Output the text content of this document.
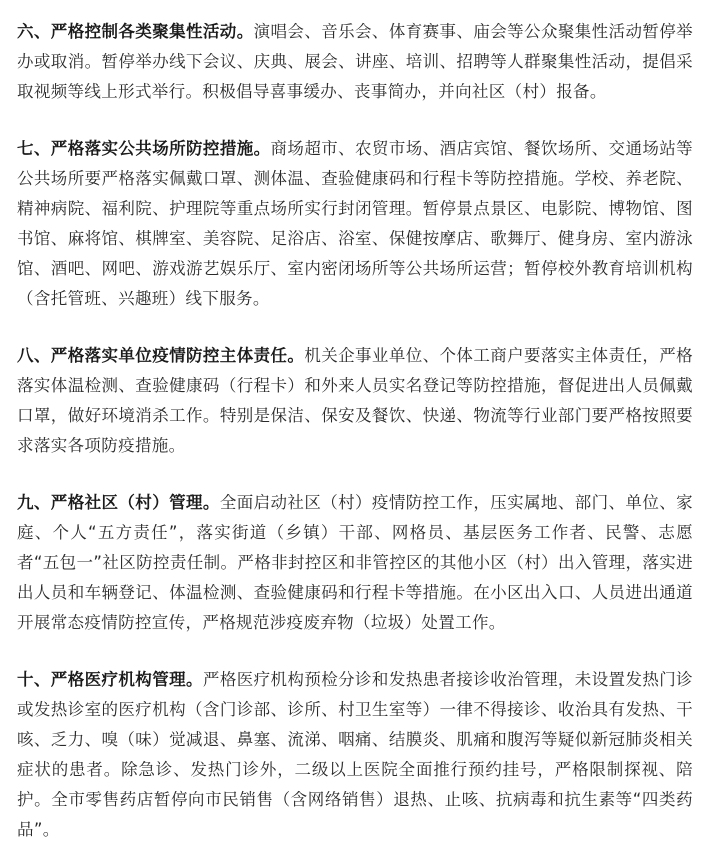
六、严格控制各类聚集性活动。演唱会、音乐会、体育赛事、庙会等公众聚集性活动暂停举办或取消。暂停举办线下会议、庆典、展会、讲座、培训、招聘等人群聚集性活动，提倡采取视频等线上形式举行。积极倡导喜事缓办、丧事简办，并向社区（村）报备。

七、严格落实公共场所防控措施。商场超市、农贸市场、酒店宾馆、餐饮场所、交通场站等公共场所要严格落实佩戴口罩、测体温、查验健康码和行程卡等防控措施。学校、养老院、精神病院、福利院、护理院等重点场所实行封闭管理。暂停景点景区、电影院、博物馆、图书馆、麻将馆、棋牌室、美容院、足浴店、浴室、保健按摩店、歌舞厅、健身房、室内游泳馆、酒吧、网吧、游戏游艺娱乐厅、室内密闭场所等公共场所运营；暂停校外教育培训机构（含托管班、兴趣班）线下服务。

八、严格落实单位疫情防控主体责任。机关企事业单位、个体工商户要落实主体责任，严格落实体温检测、查验健康码（行程卡）和外来人员实名登记等防控措施，督促进出人员佩戴口罩，做好环境消杀工作。特别是保洁、保安及餐饮、快递、物流等行业部门要严格按照要求落实各项防疫措施。

九、严格社区（村）管理。全面启动社区（村）疫情防控工作，压实属地、部门、单位、家庭、个人“五方责任”，落实街道（乡镇）干部、网格员、基层医务工作者、民警、志愿者“五包一”社区防控责任制。严格非封控区和非管控区的其他小区（村）出入管理，落实进出人员和车辆登记、体温检测、查验健康码和行程卡等措施。在小区出入口、人员进出通道开展常态疫情防控宣传，严格规范涉疫废弃物（垃圾）处置工作。

十、严格医疗机构管理。严格医疗机构预检分诊和发热患者接诊收治管理，未设置发热门诊或发热诊室的医疗机构（含门诊部、诊所、村卫生室等）一律不得接诊、收治具有发热、干咳、乏力、嗅（味）觉减退、鼻塞、流涕、咽痛、结膜炎、肌痛和腹泻等疑似新冠肺炎相关症状的患者。除急诊、发热门诊外，二级以上医院全面推行预约挂号，严格限制探视、陪护。全市零售药店暂停向市民销售（含网络销售）退热、止咳、抗病毒和抗生素等“四类药品”。
